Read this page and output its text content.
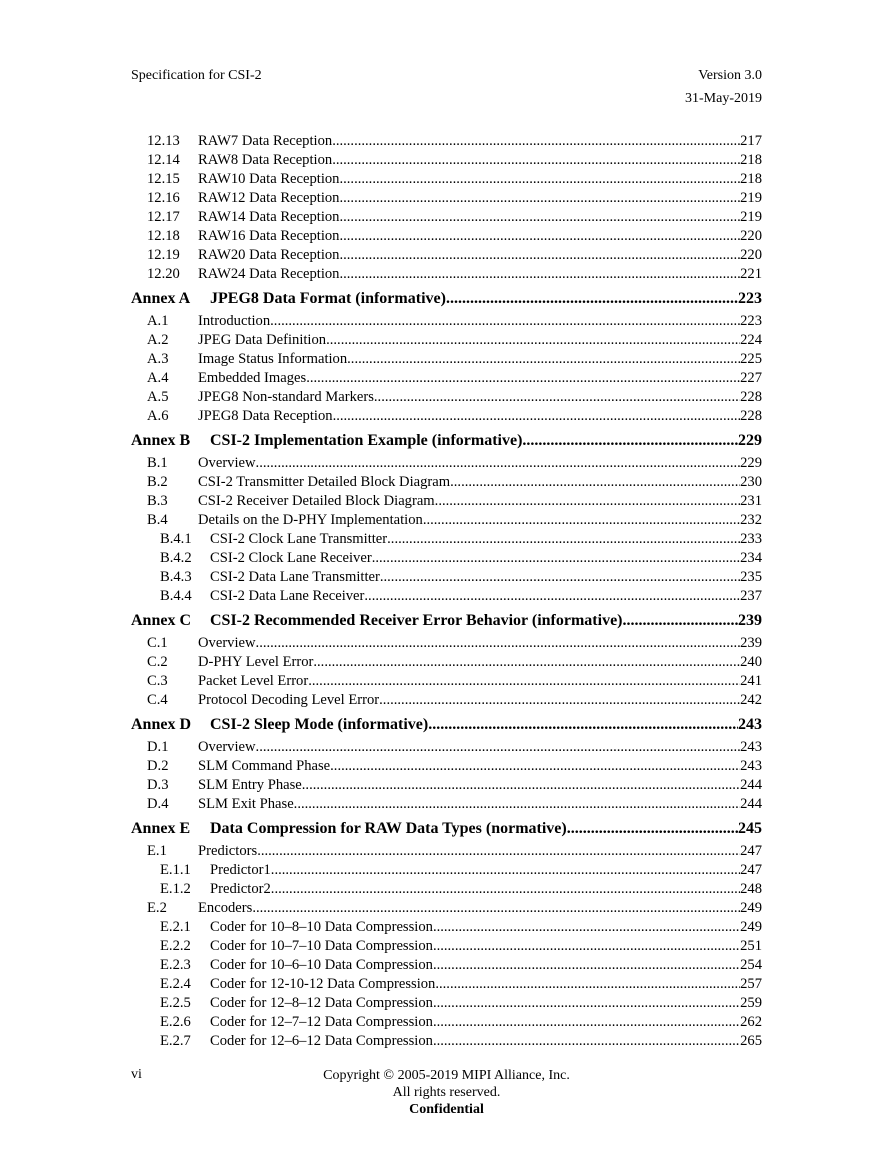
Specification for CSI-2	Version 3.0
31-May-2019
12.13	RAW7 Data Reception .....	217
12.14	RAW8 Data Reception .....	218
12.15	RAW10 Data Reception .....	218
12.16	RAW12 Data Reception .....	219
12.17	RAW14 Data Reception .....	219
12.18	RAW16 Data Reception .....	220
12.19	RAW20 Data Reception .....	220
12.20	RAW24 Data Reception .....	221
Annex A	JPEG8 Data Format (informative) .....	223
A.1	Introduction .....	223
A.2	JPEG Data Definition .....	224
A.3	Image Status Information .....	225
A.4	Embedded Images .....	227
A.5	JPEG8 Non-standard Markers .....	228
A.6	JPEG8 Data Reception .....	228
Annex B	CSI-2 Implementation Example (informative) .....	229
B.1	Overview .....	229
B.2	CSI-2 Transmitter Detailed Block Diagram .....	230
B.3	CSI-2 Receiver Detailed Block Diagram .....	231
B.4	Details on the D-PHY Implementation .....	232
B.4.1	CSI-2 Clock Lane Transmitter .....	233
B.4.2	CSI-2 Clock Lane Receiver .....	234
B.4.3	CSI-2 Data Lane Transmitter .....	235
B.4.4	CSI-2 Data Lane Receiver .....	237
Annex C	CSI-2 Recommended Receiver Error Behavior (informative) .....	239
C.1	Overview .....	239
C.2	D-PHY Level Error .....	240
C.3	Packet Level Error .....	241
C.4	Protocol Decoding Level Error .....	242
Annex D	CSI-2 Sleep Mode (informative) .....	243
D.1	Overview .....	243
D.2	SLM Command Phase .....	243
D.3	SLM Entry Phase .....	244
D.4	SLM Exit Phase .....	244
Annex E	Data Compression for RAW Data Types (normative) .....	245
E.1	Predictors .....	247
E.1.1	Predictor1 .....	247
E.1.2	Predictor2 .....	248
E.2	Encoders .....	249
E.2.1	Coder for 10–8–10 Data Compression .....	249
E.2.2	Coder for 10–7–10 Data Compression .....	251
E.2.3	Coder for 10–6–10 Data Compression .....	254
E.2.4	Coder for 12-10-12 Data Compression .....	257
E.2.5	Coder for 12–8–12 Data Compression .....	259
E.2.6	Coder for 12–7–12 Data Compression .....	262
E.2.7	Coder for 12–6–12 Data Compression .....	265
vi	Copyright © 2005-2019 MIPI Alliance, Inc.
All rights reserved.
Confidential
